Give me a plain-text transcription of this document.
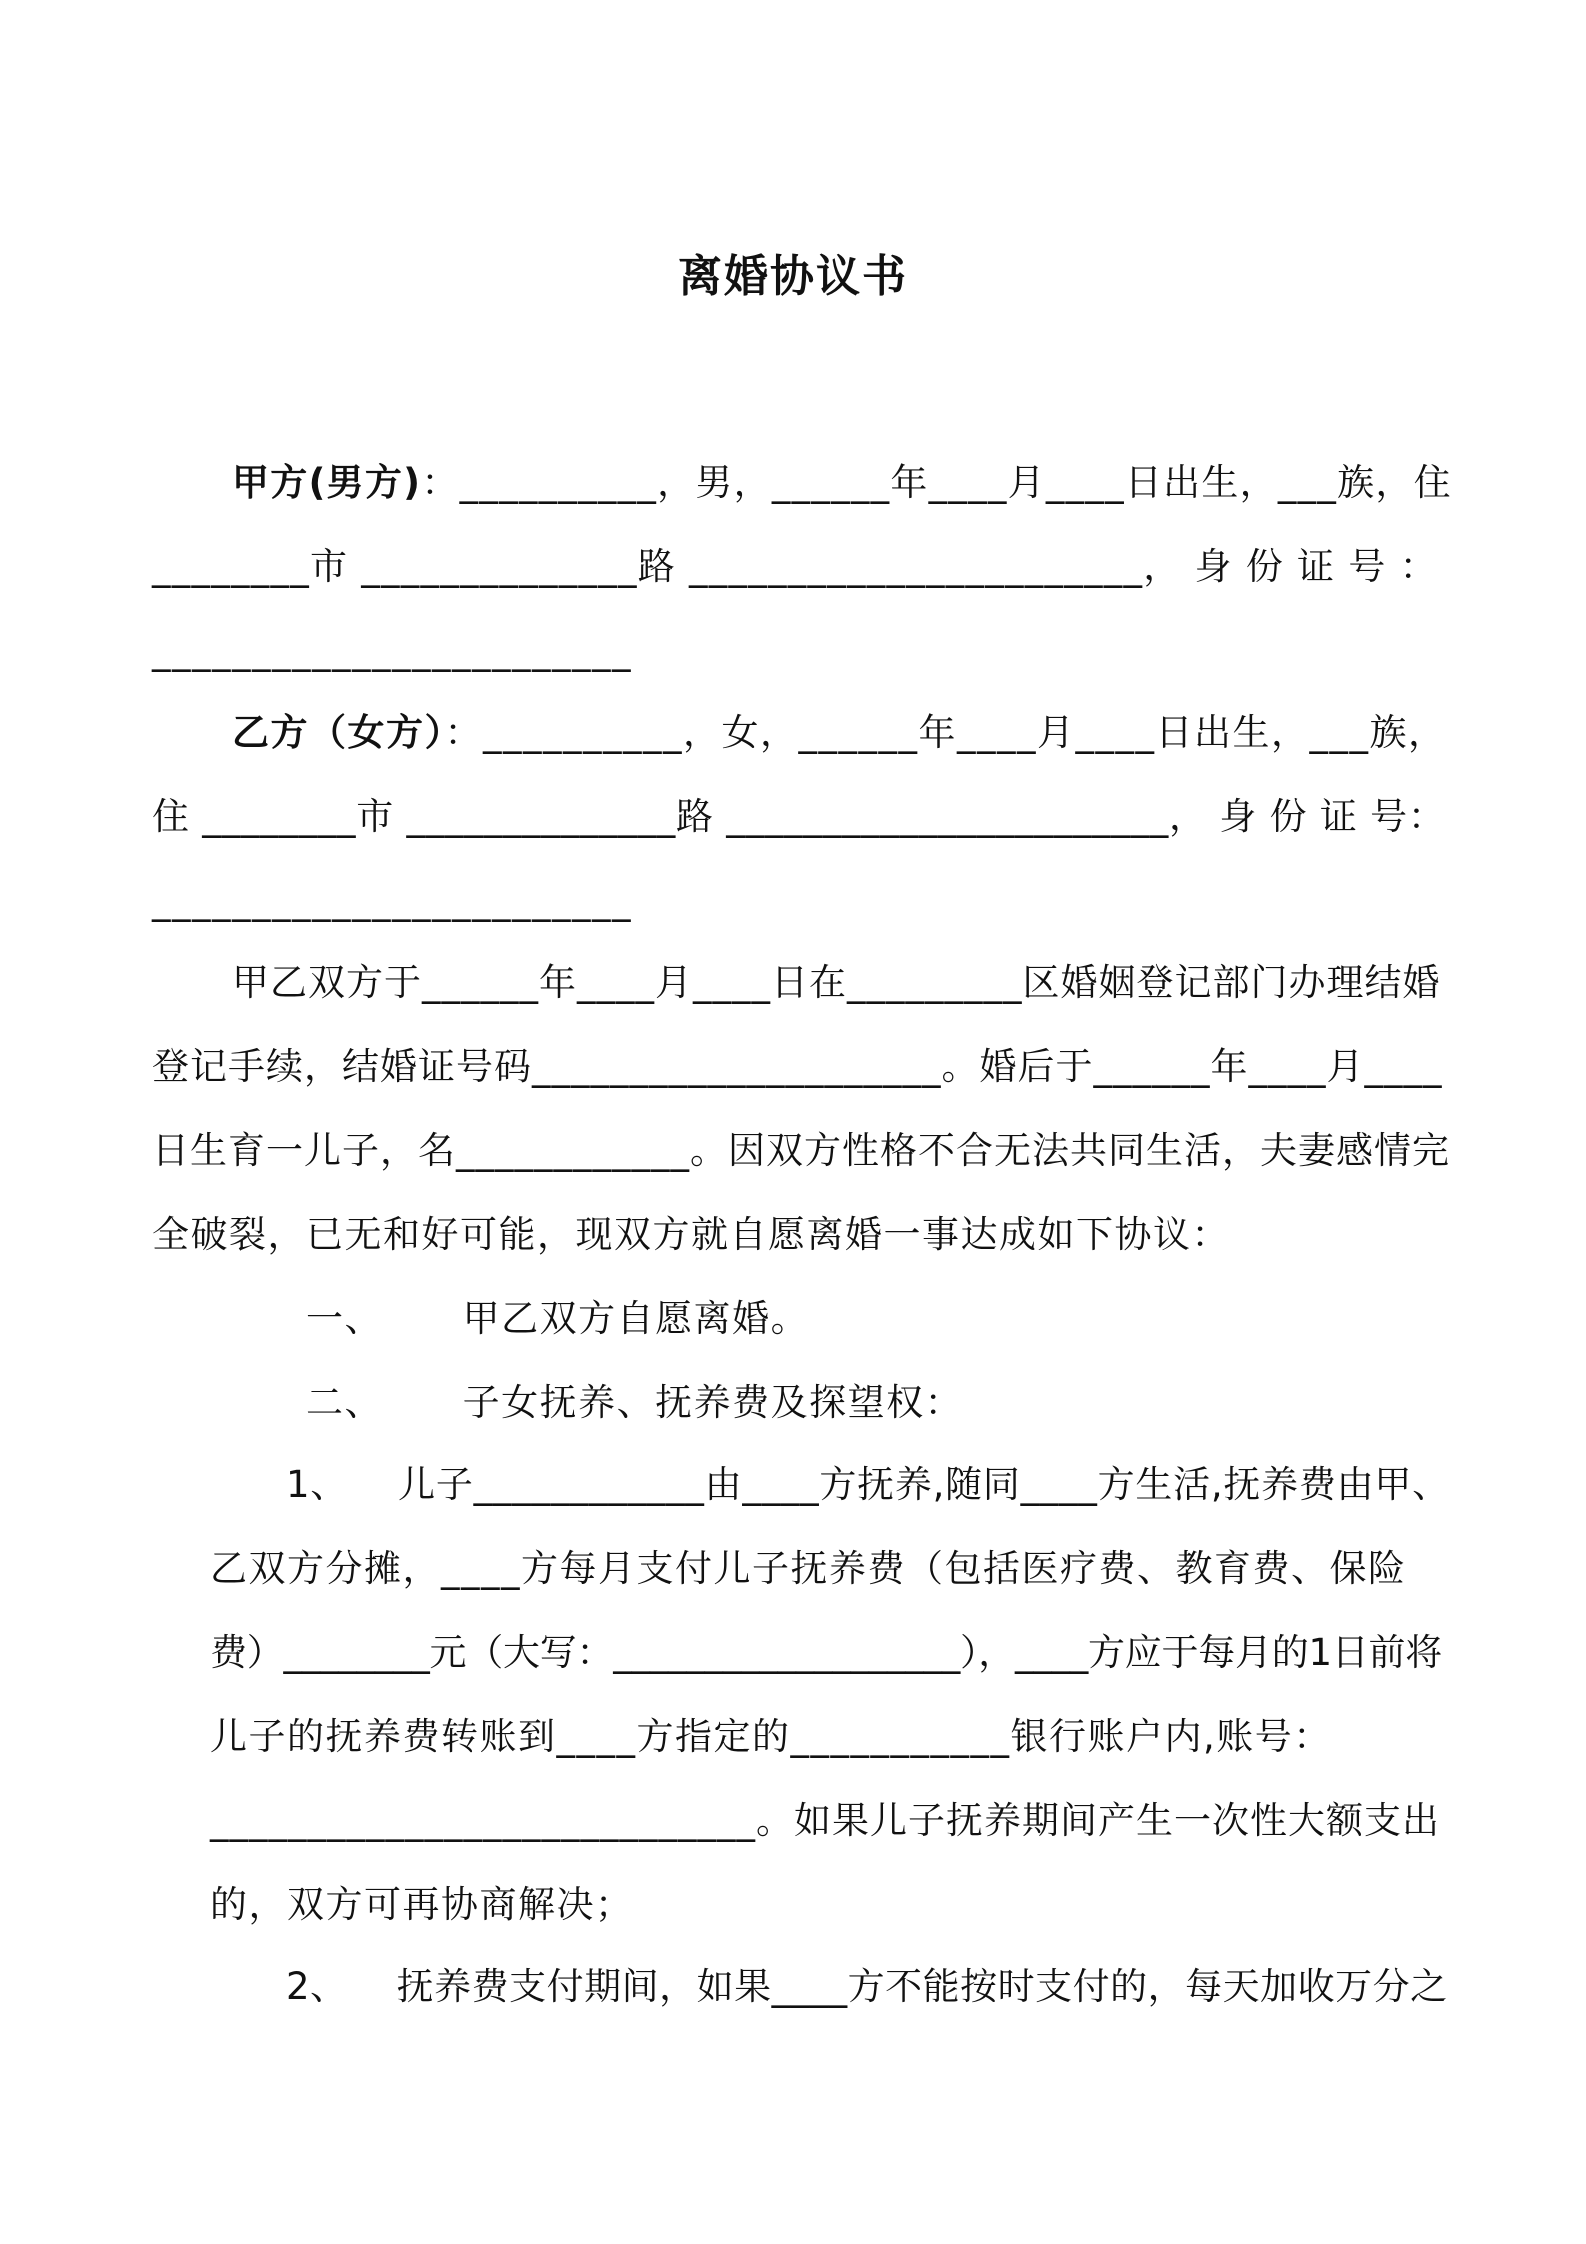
离婚协议书
甲方(男方)：__________，男，______年____月____日出生，___族，住
________市 ______________路 _______________________， 身 份 证 号 ：
________________________
乙方（女方）：__________，女，______年____月____日出生，___族，
住 ________市 ______________路 _______________________， 身 份 证 号：
________________________
甲乙双方于______年____月____日在_________区婚姻登记部门办理结婚
登记手续，结婚证号码_____________________。婚后于______年____月____
日生育一儿子，名____________。因双方性格不合无法共同生活，夫妻感情完
全破裂，已无和好可能，现双方就自愿离婚一事达成如下协议：
一、      甲乙双方自愿离婚。
二、      子女抚养、抚养费及探望权：
1、    儿子____________由____方抚养,随同____方生活,抚养费由甲、
乙双方分摊，____方每月支付儿子抚养费（包括医疗费、教育费、保险
费）________元（大写：___________________），____方应于每月的1日前将
儿子的抚养费转账到____方指定的___________银行账户内,账号：
____________________________。如果儿子抚养期间产生一次性大额支出
的，双方可再协商解决；
2、    抚养费支付期间，如果____方不能按时支付的，每天加收万分之
